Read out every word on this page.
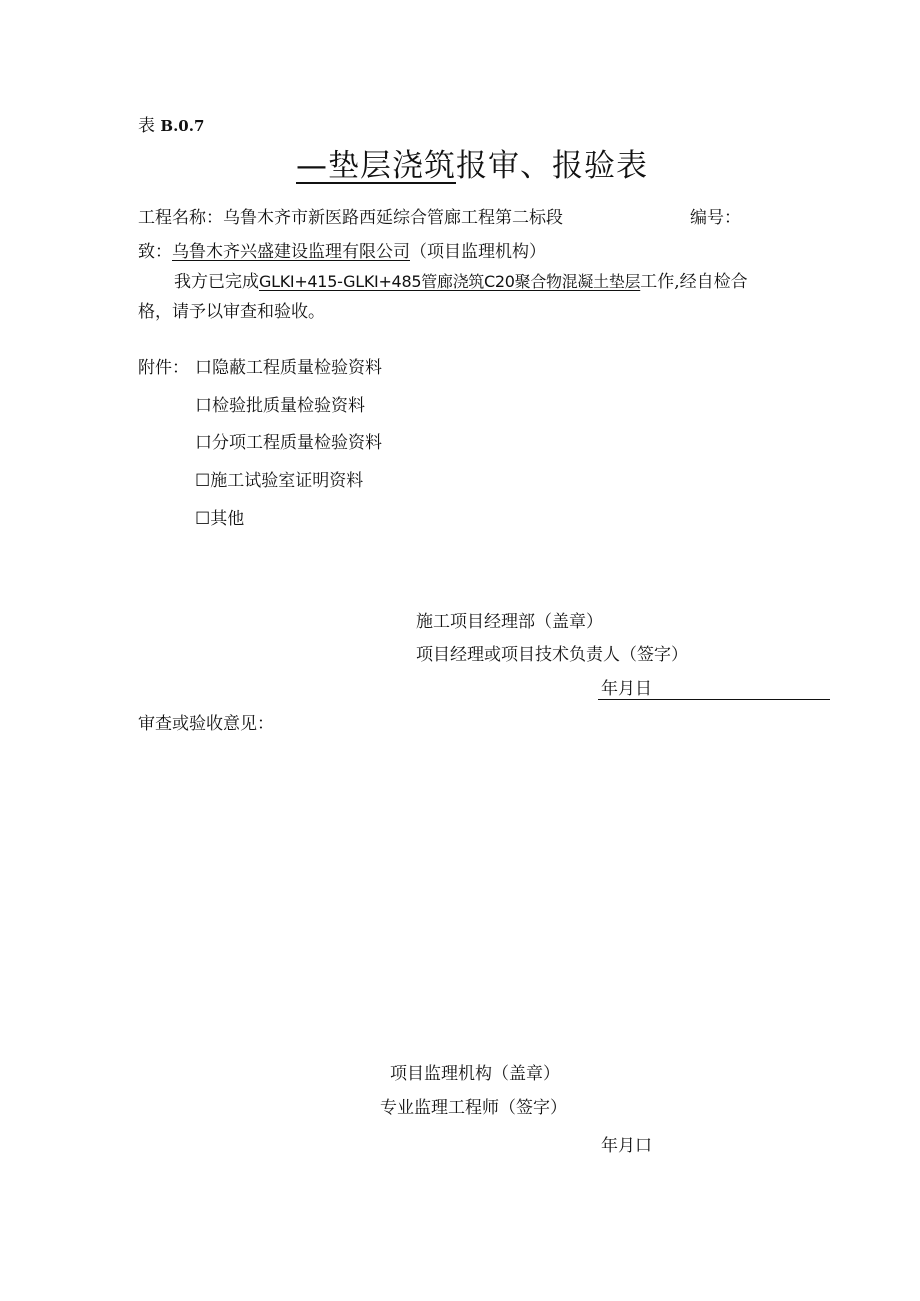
表 B.0.7
—垫层浇筑报审、报验表
工程名称：乌鲁木齐市新医路西延综合管廊工程第二标段	编号：
致：乌鲁木齐兴盛建设监理有限公司（项目监理机构）
我方已完成GLKI+415-GLKI+485管廊浇筑C20聚合物混凝土垫层工作,经自检合
格，请予以审查和验收。
附件： 口隐蔽工程质量检验资料
口检验批质量检验资料
口分项工程质量检验资料
☐施工试验室证明资料
☐其他
施工项目经理部（盖章）
项目经理或项目技术负责人（签字）
年月日
审查或验收意见：
项目监理机构（盖章）
专业监理工程师（签字）
年月口
